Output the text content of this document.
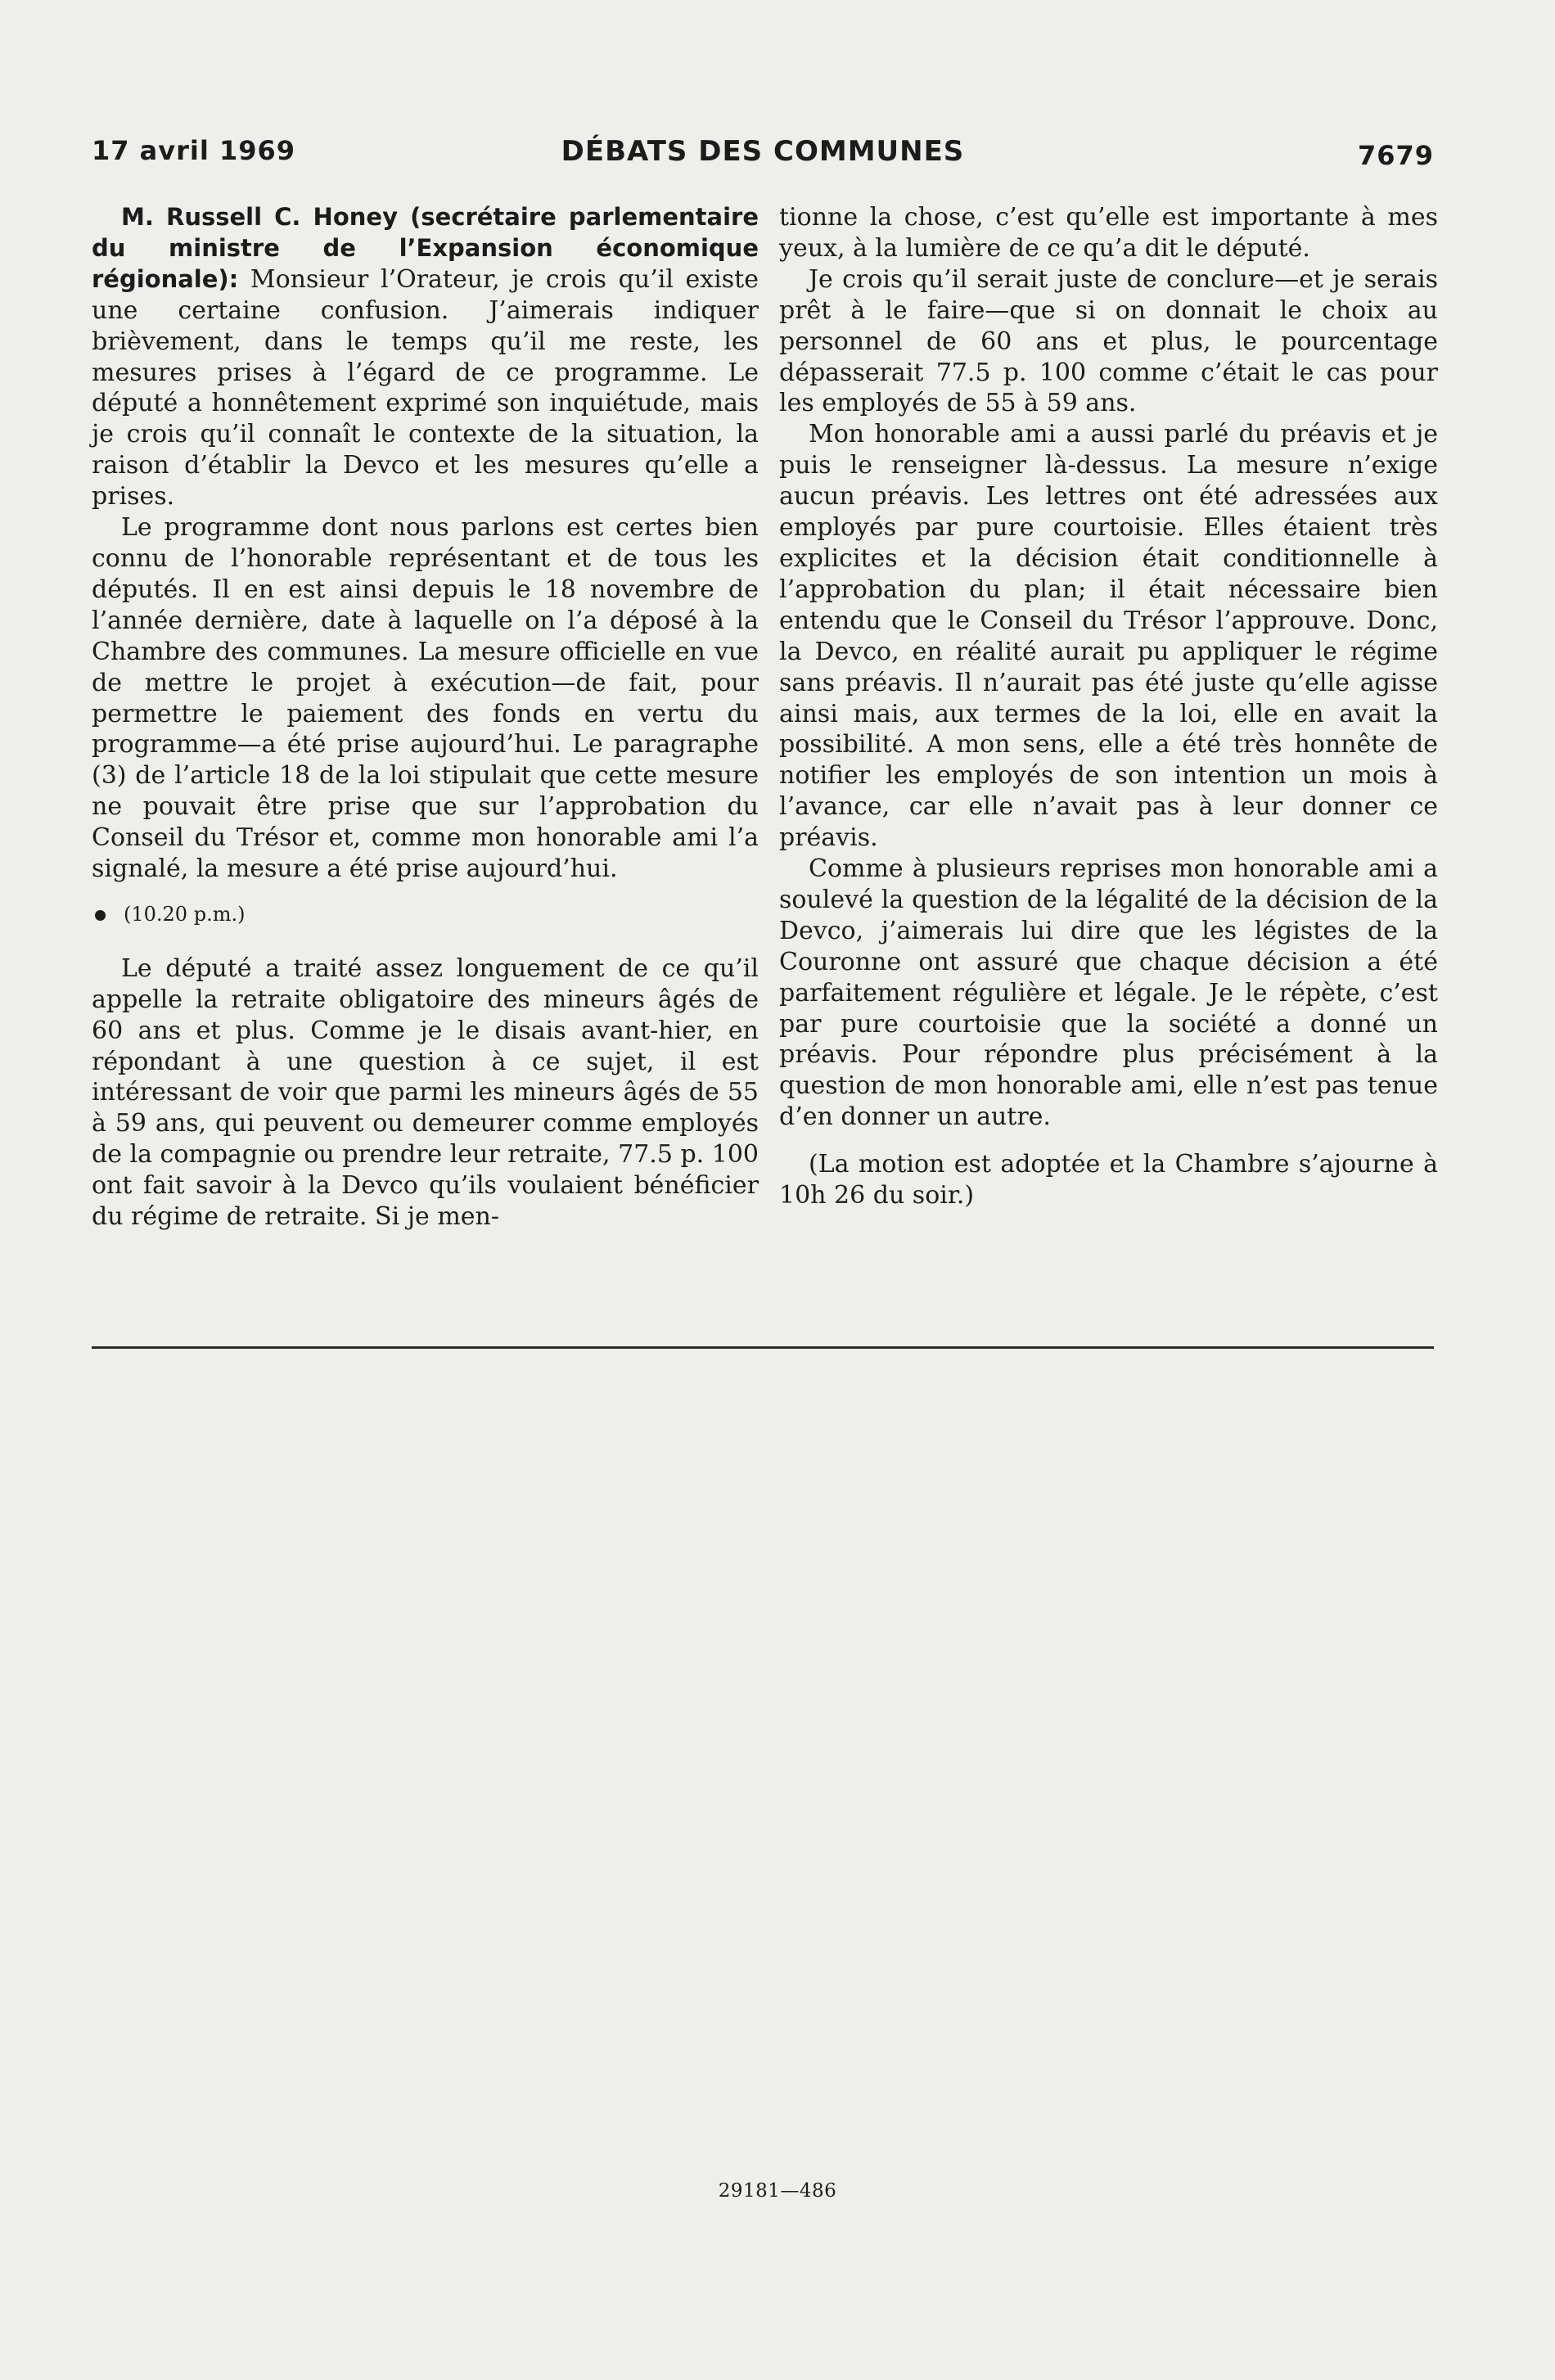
17 avril 1969	DÉBATS DES COMMUNES	7679

M. Russell C. Honey (secrétaire parlementaire du ministre de l’Expansion économique régionale): Monsieur l’Orateur, je crois qu’il existe une certaine confusion. J’aimerais indiquer brièvement, dans le temps qu’il me reste, les mesures prises à l’égard de ce programme. Le député a honnêtement exprimé son inquiétude, mais je crois qu’il connaît le contexte de la situation, la raison d’établir la Devco et les mesures qu’elle a prises.

Le programme dont nous parlons est certes bien connu de l’honorable représentant et de tous les députés. Il en est ainsi depuis le 18 novembre de l’année dernière, date à laquelle on l’a déposé à la Chambre des communes. La mesure officielle en vue de mettre le projet à exécution—de fait, pour permettre le paiement des fonds en vertu du programme—a été prise aujourd’hui. Le paragraphe (3) de l’article 18 de la loi stipulait que cette mesure ne pouvait être prise que sur l’approbation du Conseil du Trésor et, comme mon honorable ami l’a signalé, la mesure a été prise aujourd’hui.

(10.20 p.m.)

Le député a traité assez longuement de ce qu’il appelle la retraite obligatoire des mineurs âgés de 60 ans et plus. Comme je le disais avant-hier, en répondant à une question à ce sujet, il est intéressant de voir que parmi les mineurs âgés de 55 à 59 ans, qui peuvent ou demeurer comme employés de la compagnie ou prendre leur retraite, 77.5 p. 100 ont fait savoir à la Devco qu’ils voulaient bénéficier du régime de retraite. Si je men-

tionne la chose, c’est qu’elle est importante à mes yeux, à la lumière de ce qu’a dit le député.

Je crois qu’il serait juste de conclure—et je serais prêt à le faire—que si on donnait le choix au personnel de 60 ans et plus, le pourcentage dépasserait 77.5 p. 100 comme c’était le cas pour les employés de 55 à 59 ans.

Mon honorable ami a aussi parlé du préavis et je puis le renseigner là-dessus. La mesure n’exige aucun préavis. Les lettres ont été adressées aux employés par pure courtoisie. Elles étaient très explicites et la décision était conditionnelle à l’approbation du plan; il était nécessaire bien entendu que le Conseil du Trésor l’approuve. Donc, la Devco, en réalité aurait pu appliquer le régime sans préavis. Il n’aurait pas été juste qu’elle agisse ainsi mais, aux termes de la loi, elle en avait la possibilité. A mon sens, elle a été très honnête de notifier les employés de son intention un mois à l’avance, car elle n’avait pas à leur donner ce préavis.

Comme à plusieurs reprises mon honorable ami a soulevé la question de la légalité de la décision de la Devco, j’aimerais lui dire que les légistes de la Couronne ont assuré que chaque décision a été parfaitement régulière et légale. Je le répète, c’est par pure courtoisie que la société a donné un préavis. Pour répondre plus précisément à la question de mon honorable ami, elle n’est pas tenue d’en donner un autre.

(La motion est adoptée et la Chambre s’ajourne à 10h 26 du soir.)

29181—486
